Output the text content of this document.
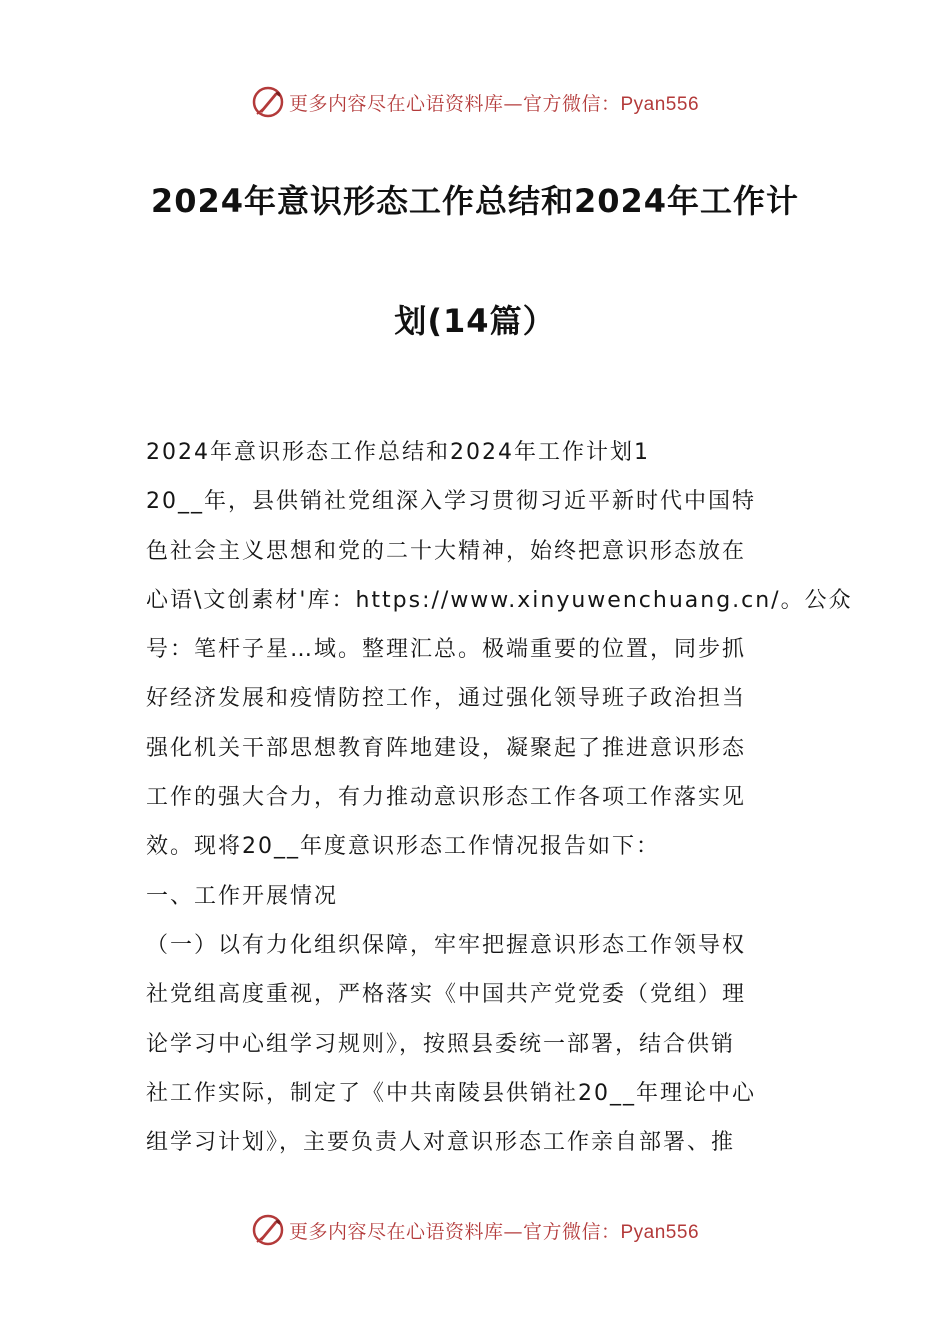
更多内容尽在心语资料库—官方微信：Pyan556
2024年意识形态工作总结和2024年工作计
划(14篇）
2024年意识形态工作总结和2024年工作计划1
20__年，县供销社党组深入学习贯彻习近平新时代中国特
色社会主义思想和党的二十大精神，始终把意识形态放在
心语\文创素材'库：https://www.xinyuwenchuang.cn/。公众
号：笔杆子星…域。整理汇总。极端重要的位置，同步抓
好经济发展和疫情防控工作，通过强化领导班子政治担当
强化机关干部思想教育阵地建设，凝聚起了推进意识形态
工作的强大合力，有力推动意识形态工作各项工作落实见
效。现将20__年度意识形态工作情况报告如下：
一、工作开展情况
（一）以有力化组织保障，牢牢把握意识形态工作领导权
社党组高度重视，严格落实《中国共产党党委（党组）理
论学习中心组学习规则》，按照县委统一部署，结合供销
社工作实际，制定了《中共南陵县供销社20__年理论中心
组学习计划》，主要负责人对意识形态工作亲自部署、推
更多内容尽在心语资料库—官方微信：Pyan556
